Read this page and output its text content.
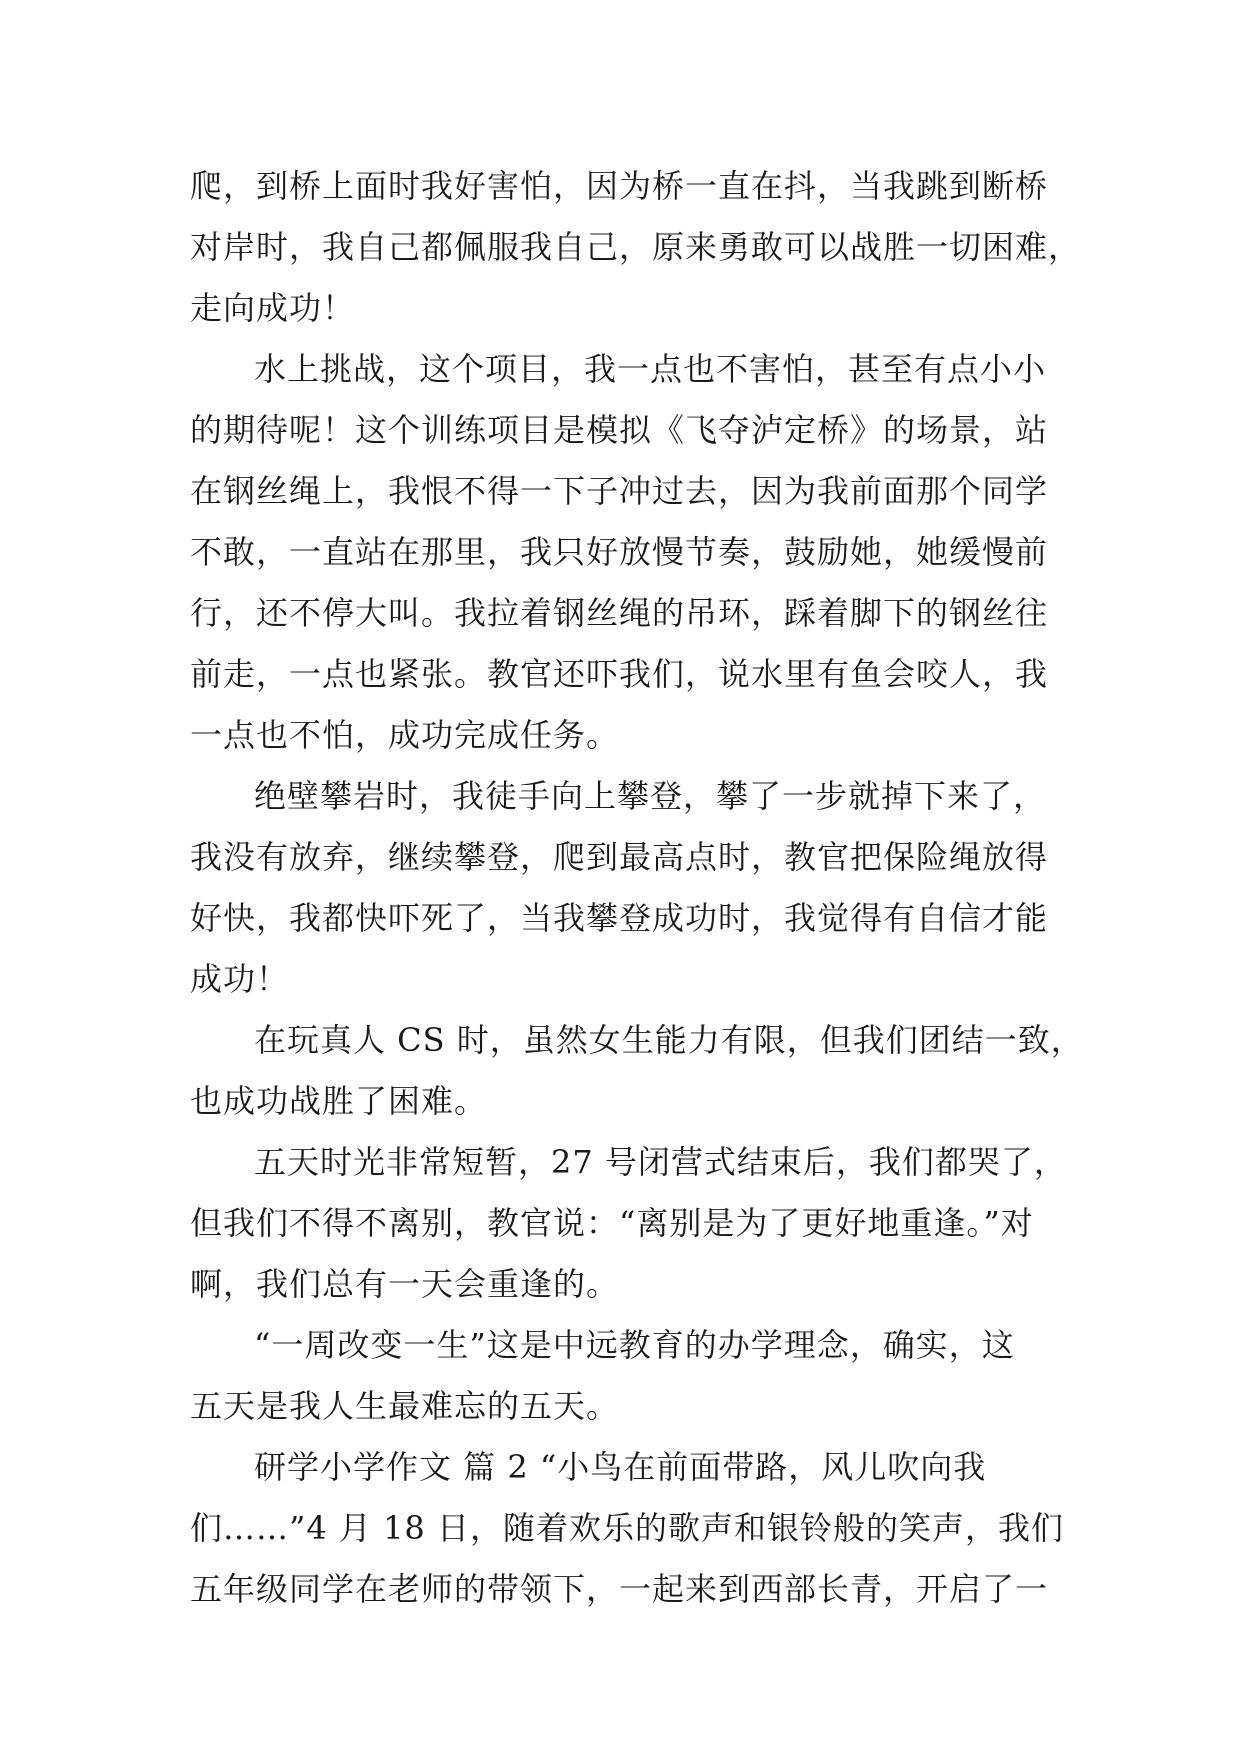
爬，到桥上面时我好害怕，因为桥一直在抖，当我跳到断桥
对岸时，我自己都佩服我自己，原来勇敢可以战胜一切困难，
走向成功！
水上挑战，这个项目，我一点也不害怕，甚至有点小小
的期待呢！这个训练项目是模拟《飞夺泸定桥》的场景，站
在钢丝绳上，我恨不得一下子冲过去，因为我前面那个同学
不敢，一直站在那里，我只好放慢节奏，鼓励她，她缓慢前
行，还不停大叫。我拉着钢丝绳的吊环，踩着脚下的钢丝往
前走，一点也紧张。教官还吓我们，说水里有鱼会咬人，我
一点也不怕，成功完成任务。
绝壁攀岩时，我徒手向上攀登，攀了一步就掉下来了，
我没有放弃，继续攀登，爬到最高点时，教官把保险绳放得
好快，我都快吓死了，当我攀登成功时，我觉得有自信才能
成功！
在玩真人 CS 时，虽然女生能力有限，但我们团结一致，
也成功战胜了困难。
五天时光非常短暂，27 号闭营式结束后，我们都哭了，
但我们不得不离别，教官说：“离别是为了更好地重逢。”对
啊，我们总有一天会重逢的。
“一周改变一生”这是中远教育的办学理念，确实，这
五天是我人生最难忘的五天。
研学小学作文 篇 2 “小鸟在前面带路，风儿吹向我
们……”4 月 18 日，随着欢乐的歌声和银铃般的笑声，我们
五年级同学在老师的带领下，一起来到西部长青，开启了一
